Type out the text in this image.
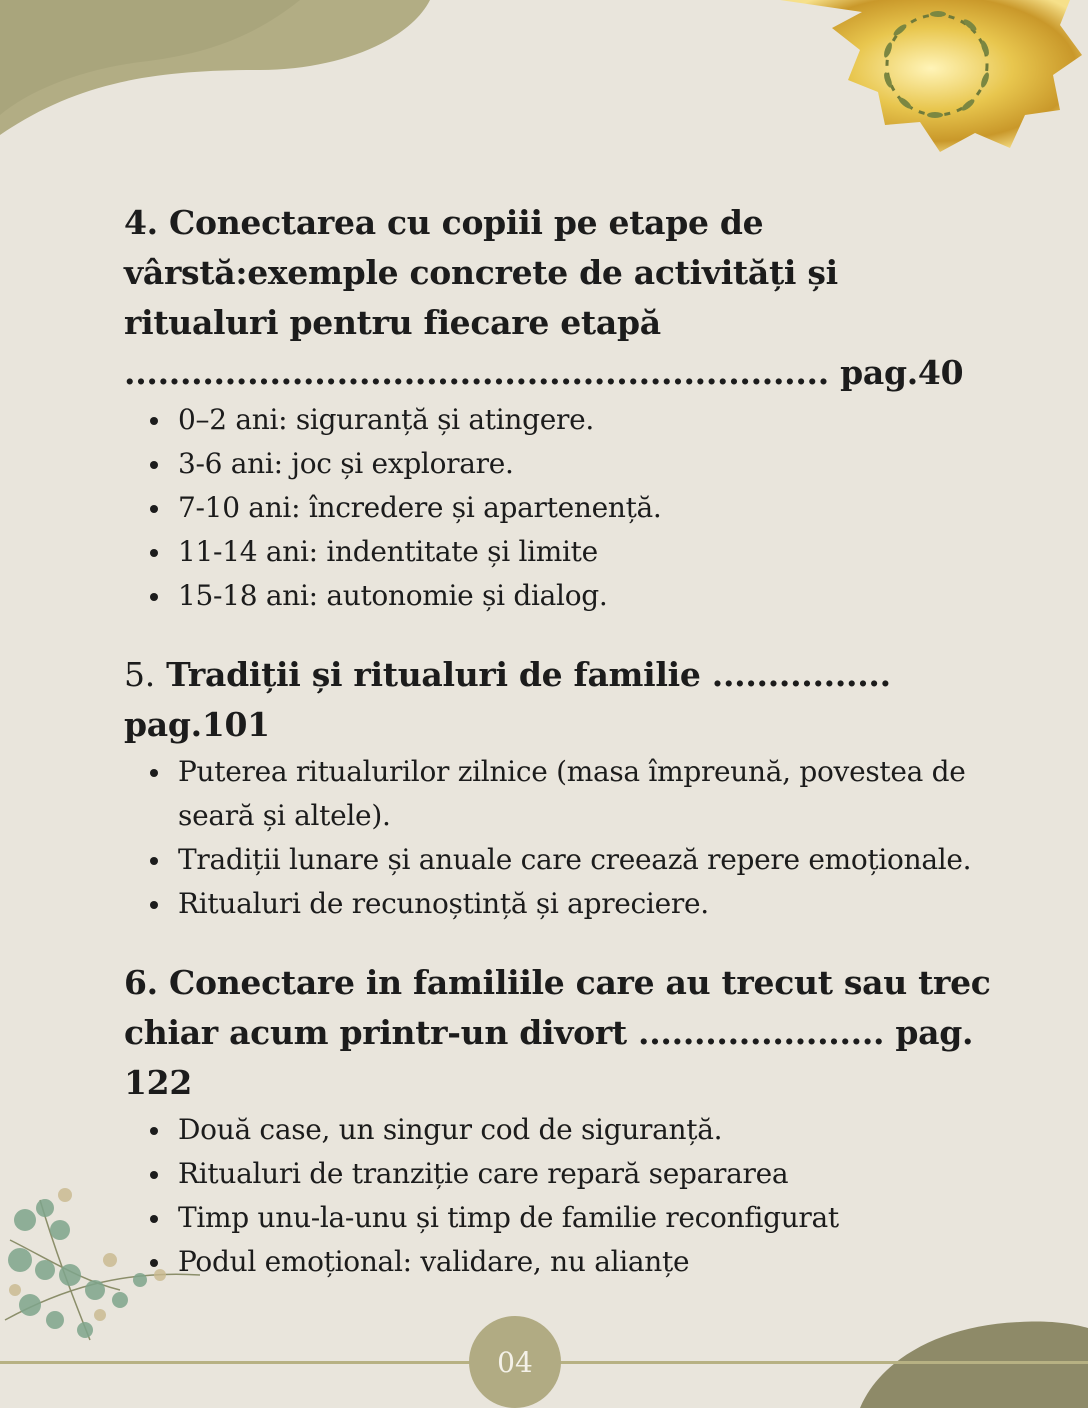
04

4. Conectarea cu copiii pe etape de vârstă:exemple concrete de activități și ritualuri pentru fiecare etapă ............................................................... pag.40

0–2 ani: siguranță și atingere.
3-6 ani: joc și explorare.
7-10 ani: încredere și apartenență.
11-14 ani: indentitate și limite
15-18 ani: autonomie și dialog.

5. Tradiții și ritualuri de familie ................ pag.101

Puterea ritualurilor zilnice (masa împreună, povestea de seară și altele).
Tradiții lunare și anuale care creează repere emoționale.
Ritualuri de recunoștință și apreciere.

6. Conectare in familiile care au trecut sau trec chiar acum printr-un divort ...................... pag. 122

Două case, un singur cod de siguranță.
Ritualuri de tranziție care repară separarea
Timp unu-la-unu și timp de familie reconfigurat
Podul emoțional: validare, nu alianțe
